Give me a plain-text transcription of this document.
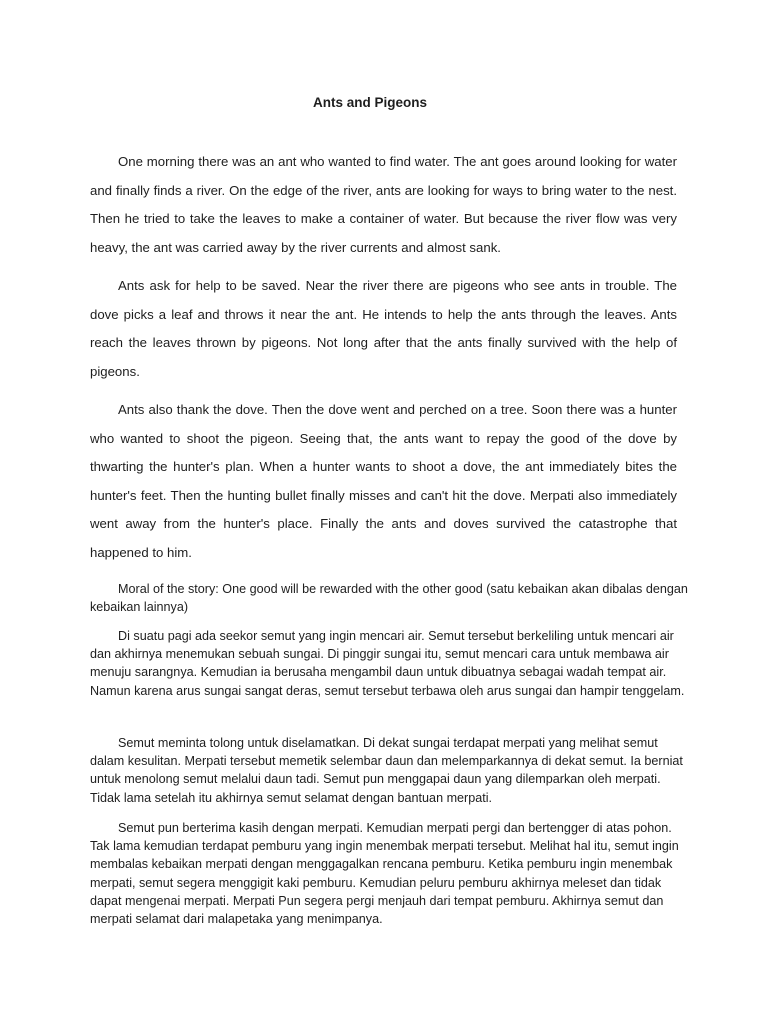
Ants and Pigeons

One morning there was an ant who wanted to find water. The ant goes around looking for water and finally finds a river. On the edge of the river, ants are looking for ways to bring water to the nest. Then he tried to take the leaves to make a container of water. But because the river flow was very heavy, the ant was carried away by the river currents and almost sank.

Ants ask for help to be saved. Near the river there are pigeons who see ants in trouble. The dove picks a leaf and throws it near the ant. He intends to help the ants through the leaves. Ants reach the leaves thrown by pigeons. Not long after that the ants finally survived with the help of pigeons.

Ants also thank the dove. Then the dove went and perched on a tree. Soon there was a hunter who wanted to shoot the pigeon. Seeing that, the ants want to repay the good of the dove by thwarting the hunter's plan. When a hunter wants to shoot a dove, the ant immediately bites the hunter's feet. Then the hunting bullet finally misses and can't hit the dove. Merpati also immediately went away from the hunter's place. Finally the ants and doves survived the catastrophe that happened to him.

Moral of the story: One good will be rewarded with the other good (satu kebaikan akan dibalas dengan kebaikan lainnya)

Di suatu pagi ada seekor semut yang ingin mencari air. Semut tersebut berkeliling untuk mencari air dan akhirnya menemukan sebuah sungai. Di pinggir sungai itu, semut mencari cara untuk membawa air menuju sarangnya. Kemudian ia berusaha mengambil daun untuk dibuatnya sebagai wadah tempat air. Namun karena arus sungai sangat deras, semut tersebut terbawa oleh arus sungai dan hampir tenggelam.

Semut meminta tolong untuk diselamatkan. Di dekat sungai terdapat merpati yang melihat semut dalam kesulitan. Merpati tersebut memetik selembar daun dan melemparkannya di dekat semut. Ia berniat untuk menolong semut melalui daun tadi. Semut pun menggapai daun yang dilemparkan oleh merpati. Tidak lama setelah itu akhirnya semut selamat dengan bantuan merpati.

Semut pun berterima kasih dengan merpati. Kemudian merpati pergi dan bertengger di atas pohon. Tak lama kemudian terdapat pemburu yang ingin menembak merpati tersebut. Melihat hal itu, semut ingin membalas kebaikan merpati dengan menggagalkan rencana pemburu. Ketika pemburu ingin menembak merpati, semut segera menggigit kaki pemburu. Kemudian peluru pemburu akhirnya meleset dan tidak dapat mengenai merpati. Merpati Pun segera pergi menjauh dari tempat pemburu. Akhirnya semut dan merpati selamat dari malapetaka yang menimpanya.
